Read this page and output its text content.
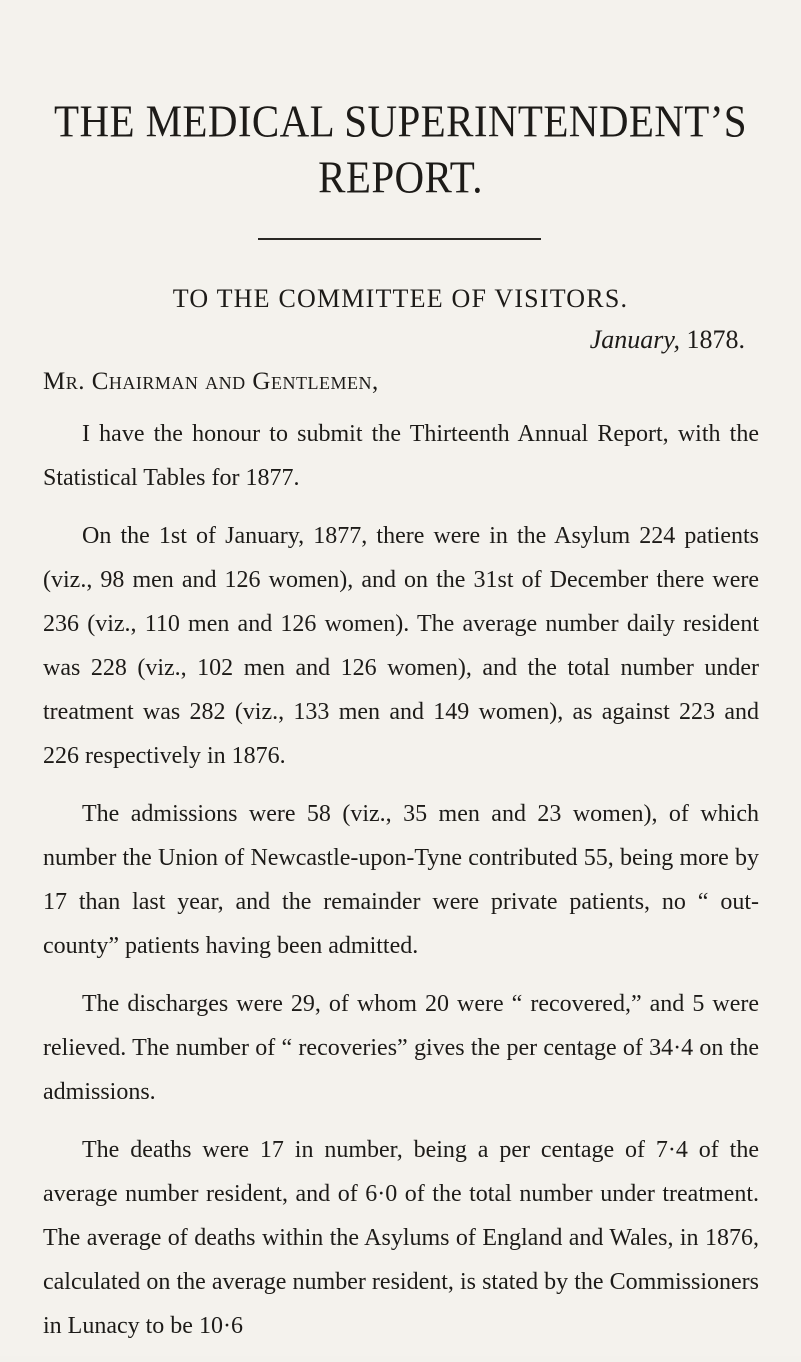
THE MEDICAL SUPERINTENDENT’S REPORT.
TO THE COMMITTEE OF VISITORS.
January, 1878.
Mr. Chairman and Gentlemen,

I have the honour to submit the Thirteenth Annual Report, with the Statistical Tables for 1877.

On the 1st of January, 1877, there were in the Asylum 224 patients (viz., 98 men and 126 women), and on the 31st of December there were 236 (viz., 110 men and 126 women). The average number daily resident was 228 (viz., 102 men and 126 women), and the total number under treatment was 282 (viz., 133 men and 149 women), as against 223 and 226 respectively in 1876.

The admissions were 58 (viz., 35 men and 23 women), of which number the Union of Newcastle-upon-Tyne contributed 55, being more by 17 than last year, and the remainder were private patients, no “ out-county” patients having been admitted.

The discharges were 29, of whom 20 were “ recovered,” and 5 were relieved. The number of “ recoveries” gives the per centage of 34·4 on the admissions.

The deaths were 17 in number, being a per centage of 7·4 of the average number resident, and of 6·0 of the total number under treatment. The average of deaths within the Asylums of England and Wales, in 1876, calculated on the average number resident, is stated by the Commissioners in Lunacy to be 10·6
